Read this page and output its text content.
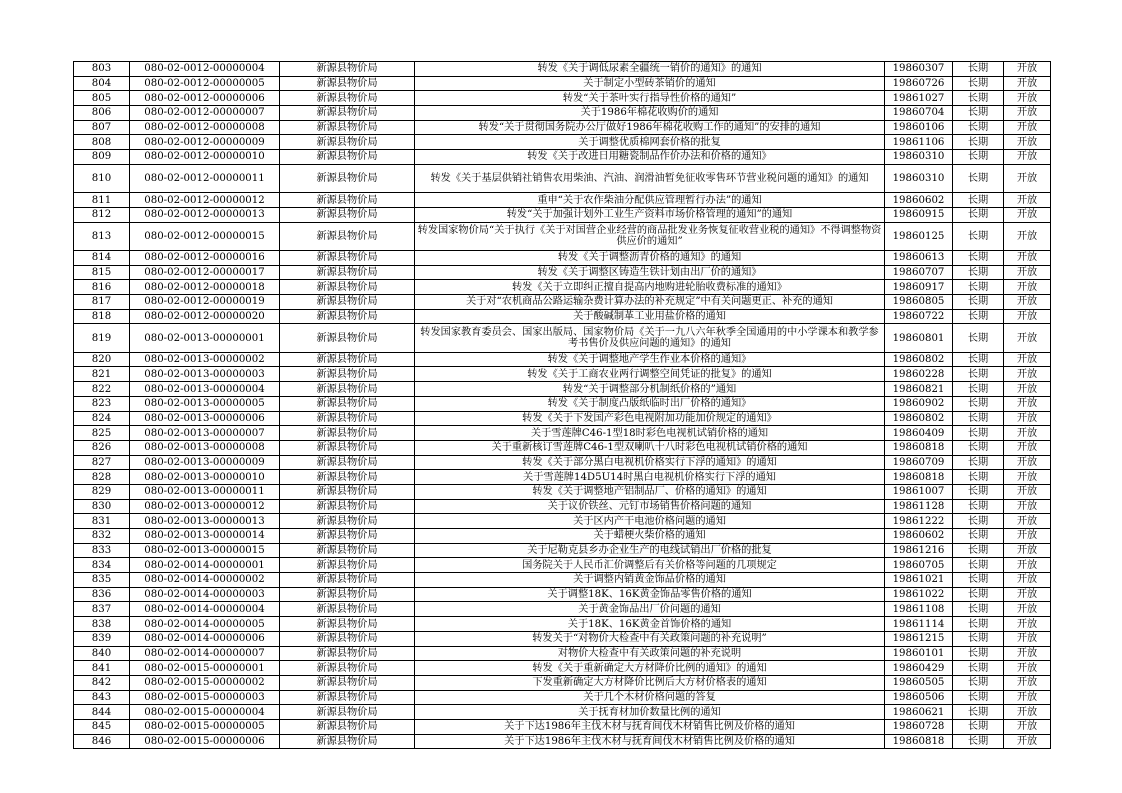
803	080-02-0012-00000004	新源县物价局	转发《关于调低尿素全疆统一销价的通知》的通知	19860307	长期	开放
804	080-02-0012-00000005	新源县物价局	关于制定小型砖茶销价的通知	19860726	长期	开放
805	080-02-0012-00000006	新源县物价局	转发“关于茶叶实行指导性价格的通知”	19861027	长期	开放
806	080-02-0012-00000007	新源县物价局	关于1986年棉花收购价的通知	19860704	长期	开放
807	080-02-0012-00000008	新源县物价局	转发“关于贯彻国务院办公厅做好1986年棉花收购工作的通知”的安排的通知	19860106	长期	开放
808	080-02-0012-00000009	新源县物价局	关于调整优质棉网套价格的批复	19861106	长期	开放
809	080-02-0012-00000010	新源县物价局	转发《关于改进日用糖瓷制品作价办法和价格的通知》	19860310	长期	开放
810	080-02-0012-00000011	新源县物价局	转发《关于基层供销社销售农用柴油、汽油、润滑油暂免征收零售环节营业税问题的通知》的通知	19860310	长期	开放
811	080-02-0012-00000012	新源县物价局	重申“关于农作柴油分配供应管理暂行办法”的通知	19860602	长期	开放
812	080-02-0012-00000013	新源县物价局	转发“关于加强计划外工业生产资料市场价格管理的通知”的通知	19860915	长期	开放
813	080-02-0012-00000015	新源县物价局	转发国家物价局“关于执行《关于对国营企业经营的商品批发业务恢复征收营业税的通知》不得调整物资供应价的通知”	19860125	长期	开放
814	080-02-0012-00000016	新源县物价局	转发《关于调整沥青价格的通知》的通知	19860613	长期	开放
815	080-02-0012-00000017	新源县物价局	转发《关于调整区铸造生铁计划由出厂价的通知》	19860707	长期	开放
816	080-02-0012-00000018	新源县物价局	转发《关于立即纠正擅自提高内地购进轮胎收费标准的通知》	19860917	长期	开放
817	080-02-0012-00000019	新源县物价局	关于对“农机商品公路运输杂费计算办法的补充规定”中有关问题更正、补充的通知	19860805	长期	开放
818	080-02-0012-00000020	新源县物价局	关于酸碱制革工业用盐价格的通知	19860722	长期	开放
819	080-02-0013-00000001	新源县物价局	转发国家教育委员会、国家出版局、国家物价局《关于一九八六年秋季全国通用的中小学课本和教学参考书售价及供应问题的通知》的通知	19860801	长期	开放
820	080-02-0013-00000002	新源县物价局	转发《关于调整地产学生作业本价格的通知》	19860802	长期	开放
821	080-02-0013-00000003	新源县物价局	转发《关于工商农业两行调整空间凭证的批复》的通知	19860228	长期	开放
822	080-02-0013-00000004	新源县物价局	转发“关于调整部分机制纸价格的”通知	19860821	长期	开放
823	080-02-0013-00000005	新源县物价局	转发《关于制度凸版纸临时出厂价格的通知》	19860902	长期	开放
824	080-02-0013-00000006	新源县物价局	转发《关于下发国产彩色电视附加功能加价规定的通知》	19860802	长期	开放
825	080-02-0013-00000007	新源县物价局	关于雪莲牌C46-1型18时彩色电视机试销价格的通知	19860409	长期	开放
826	080-02-0013-00000008	新源县物价局	关于重新核订雪莲牌C46-1型双喇叭十八时彩色电视机试销价格的通知	19860818	长期	开放
827	080-02-0013-00000009	新源县物价局	转发《关于部分黑白电视机价格实行下浮的通知》的通知	19860709	长期	开放
828	080-02-0013-00000010	新源县物价局	关于雪莲牌14D5U14时黑白电视机价格实行下浮的通知	19860818	长期	开放
829	080-02-0013-00000011	新源县物价局	转发《关于调整地产铝制品厂、价格的通知》的通知	19861007	长期	开放
830	080-02-0013-00000012	新源县物价局	关于议价铁丝、元钉市场销售价格问题的通知	19861128	长期	开放
831	080-02-0013-00000013	新源县物价局	关于区内产干电池价格问题的通知	19861222	长期	开放
832	080-02-0013-00000014	新源县物价局	关于蜡梗火柴价格的通知	19860602	长期	开放
833	080-02-0013-00000015	新源县物价局	关于尼勒克县乡办企业生产的电线试销出厂价格的批复	19861216	长期	开放
834	080-02-0014-00000001	新源县物价局	国务院关于人民币汇价调整后有关价格等问题的几项规定	19860705	长期	开放
835	080-02-0014-00000002	新源县物价局	关于调整内销黄金饰品价格的通知	19861021	长期	开放
836	080-02-0014-00000003	新源县物价局	关于调整18K、16K黄金饰品零售价格的通知	19861022	长期	开放
837	080-02-0014-00000004	新源县物价局	关于黄金饰品出厂价问题的通知	19861108	长期	开放
838	080-02-0014-00000005	新源县物价局	关于18K、16K黄金首饰价格的通知	19861114	长期	开放
839	080-02-0014-00000006	新源县物价局	转发关于“对物价大检查中有关政策问题的补充说明”	19861215	长期	开放
840	080-02-0014-00000007	新源县物价局	对物价大检查中有关政策问题的补充说明	19860101	长期	开放
841	080-02-0015-00000001	新源县物价局	转发《关于重新确定大方材降价比例的通知》的通知	19860429	长期	开放
842	080-02-0015-00000002	新源县物价局	下发重新确定大方材降价比例后大方材价格表的通知	19860505	长期	开放
843	080-02-0015-00000003	新源县物价局	关于几个木材价格问题的答复	19860506	长期	开放
844	080-02-0015-00000004	新源县物价局	关于抚育材加价数量比例的通知	19860621	长期	开放
845	080-02-0015-00000005	新源县物价局	关于下达1986年主伐木材与抚育间伐木材销售比例及价格的通知	19860728	长期	开放
846	080-02-0015-00000006	新源县物价局	关于下达1986年主伐木材与抚育间伐木材销售比例及价格的通知	19860818	长期	开放
